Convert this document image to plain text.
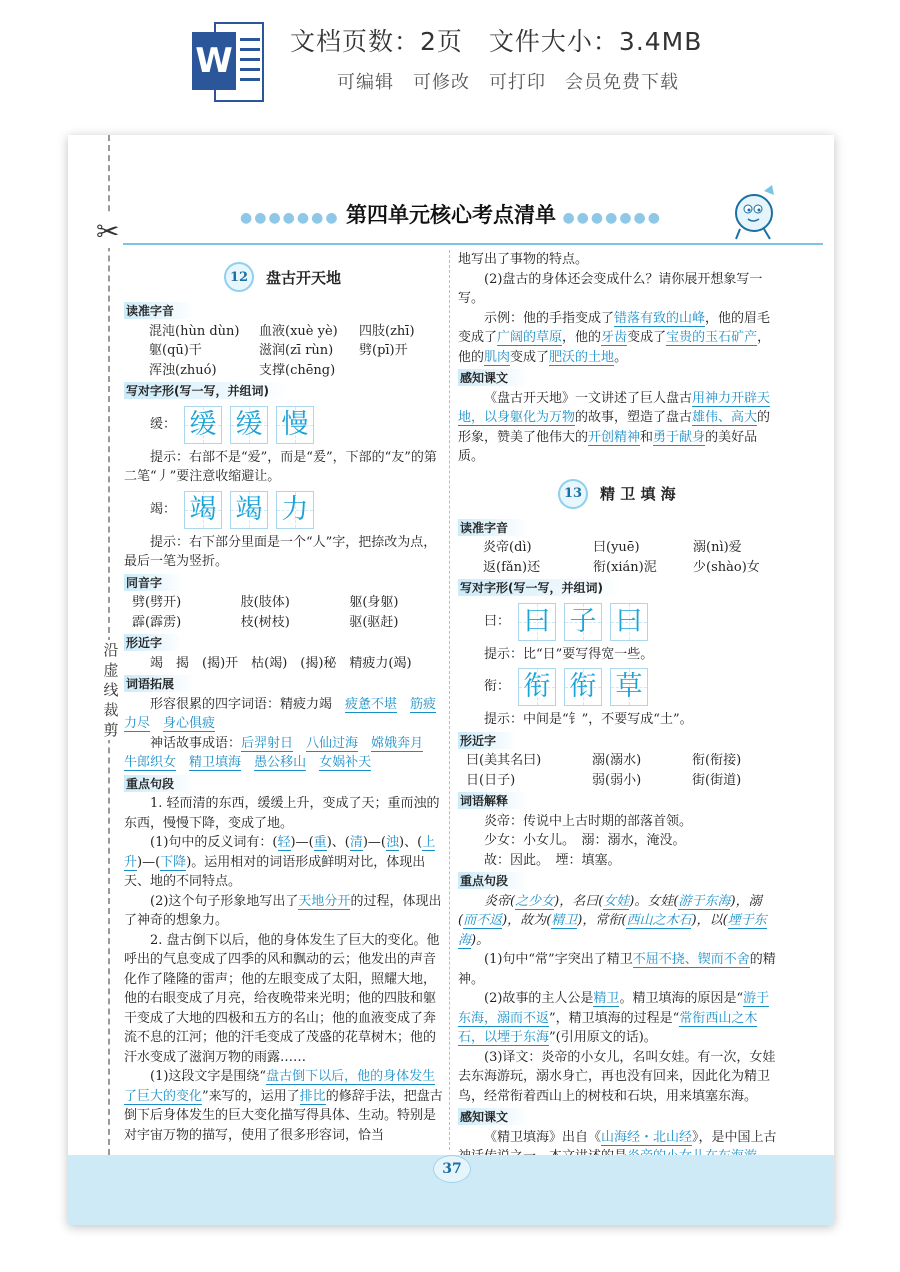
W 文档页数：2页　文件大小：3.4MB
可编辑　可修改　可打印　会员免费下载
✂
沿虚线裁剪
●●●●●●● 第四单元核心考点清单 ●●●●●●●
12	盘古开天地
读准字音
混沌(hùn dùn)	血液(xuè yè)	四肢(zhī)
躯(qū)干	滋润(zī rùn)	劈(pī)开
浑浊(zhuó)	支撑(chēng)
写对字形(写一写，并组词)
缓： 缓 缓 慢

提示：右部不是“爱”，而是“爰”，下部的“友”的第二笔“丿”要注意收缩避让。

竭： 竭 竭 力

提示：右下部分里面是一个“人”字，把捺改为点，最后一笔为竖折。

同音字
劈(劈开)	肢(肢体)	躯(身躯)
霹(霹雳)	枝(树枝)	驱(驱赶)
形近字

竭　揭　(揭)开　枯(竭)　(揭)秘　精疲力(竭)

词语拓展

形容很累的四字词语：精疲力竭　疲惫不堪　 筋疲力尽　 身心俱疲

神话故事成语：后羿射日　 八仙过海　 嫦娥奔月　牛郎织女　 精卫填海　 愚公移山　 女娲补天

重点句段

1. 轻而清的东西，缓缓上升，变成了天；重而浊的东西，慢慢下降，变成了地。

(1)句中的反义词有：(轻)—(重)、(清)—(浊)、(上升)—(下降)。运用相对的词语形成鲜明对比，体现出天、地的不同特点。

(2)这个句子形象地写出了天地分开的过程，体现出了神奇的想象力。

2. 盘古倒下以后，他的身体发生了巨大的变化。他呼出的气息变成了四季的风和飘动的云；他发出的声音化作了隆隆的雷声；他的左眼变成了太阳，照耀大地，他的右眼变成了月亮，给夜晚带来光明；他的四肢和躯干变成了大地的四极和五方的名山；他的血液变成了奔流不息的江河；他的汗毛变成了茂盛的花草树木；他的汗水变成了滋润万物的雨露……

(1)这段文字是围绕“盘古倒下以后，他的身体发生了巨大的变化”来写的，运用了排比的修辞手法，把盘古倒下后身体发生的巨大变化描写得具体、生动。特别是对宇宙万物的描写，使用了很多形容词，恰当

地写出了事物的特点。

(2)盘古的身体还会变成什么？请你展开想象写一写。

示例：他的手指变成了错落有致的山峰，他的眉毛变成了广阔的草原，他的牙齿变成了宝贵的玉石矿产，他的肌肉变成了肥沃的土地。

感知课文

《盘古开天地》一文讲述了巨人盘古用神力开辟天地，以身躯化为万物的故事，塑造了盘古雄伟、高大的形象，赞美了他伟大的开创精神和勇于献身的美好品质。

13	精 卫 填 海
读准字音
炎帝(dì)	曰(yuē)	溺(nì)爱
返(fǎn)还	衔(xián)泥	少(shào)女
写对字形(写一写，并组词)
曰： 曰 子 曰

提示：比“日”要写得宽一些。

衔： 衔 衔 草

提示：中间是“钅”，不要写成“土”。

形近字
曰(美其名曰)	溺(溺水)	衔(衔接)
日(日子)	弱(弱小)	街(街道)
词语解释

炎帝：传说中上古时期的部落首领。

少女：小女儿。　溺：溺水，淹没。

故：因此。　堙：填塞。

重点句段

炎帝(之少女)，名曰(女娃)。女娃(游于东海)，溺(而不返)，故为(精卫)，常衔(西山之木石)，以(堙于东海)。

(1)句中“常”字突出了精卫不屈不挠、锲而不舍的精神。

(2)故事的主人公是精卫。精卫填海的原因是“游于东海，溺而不返”，精卫填海的过程是“常衔西山之木石，以堙于东海”(引用原文的话)。

(3)译文：炎帝的小女儿，名叫女娃。有一次，女娃去东海游玩，溺水身亡，再也没有回来，因此化为精卫鸟，经常衔着西山上的树枝和石块，用来填塞东海。

感知课文

《精卫填海》出自《山海经・北山经》，是中国上古

37
